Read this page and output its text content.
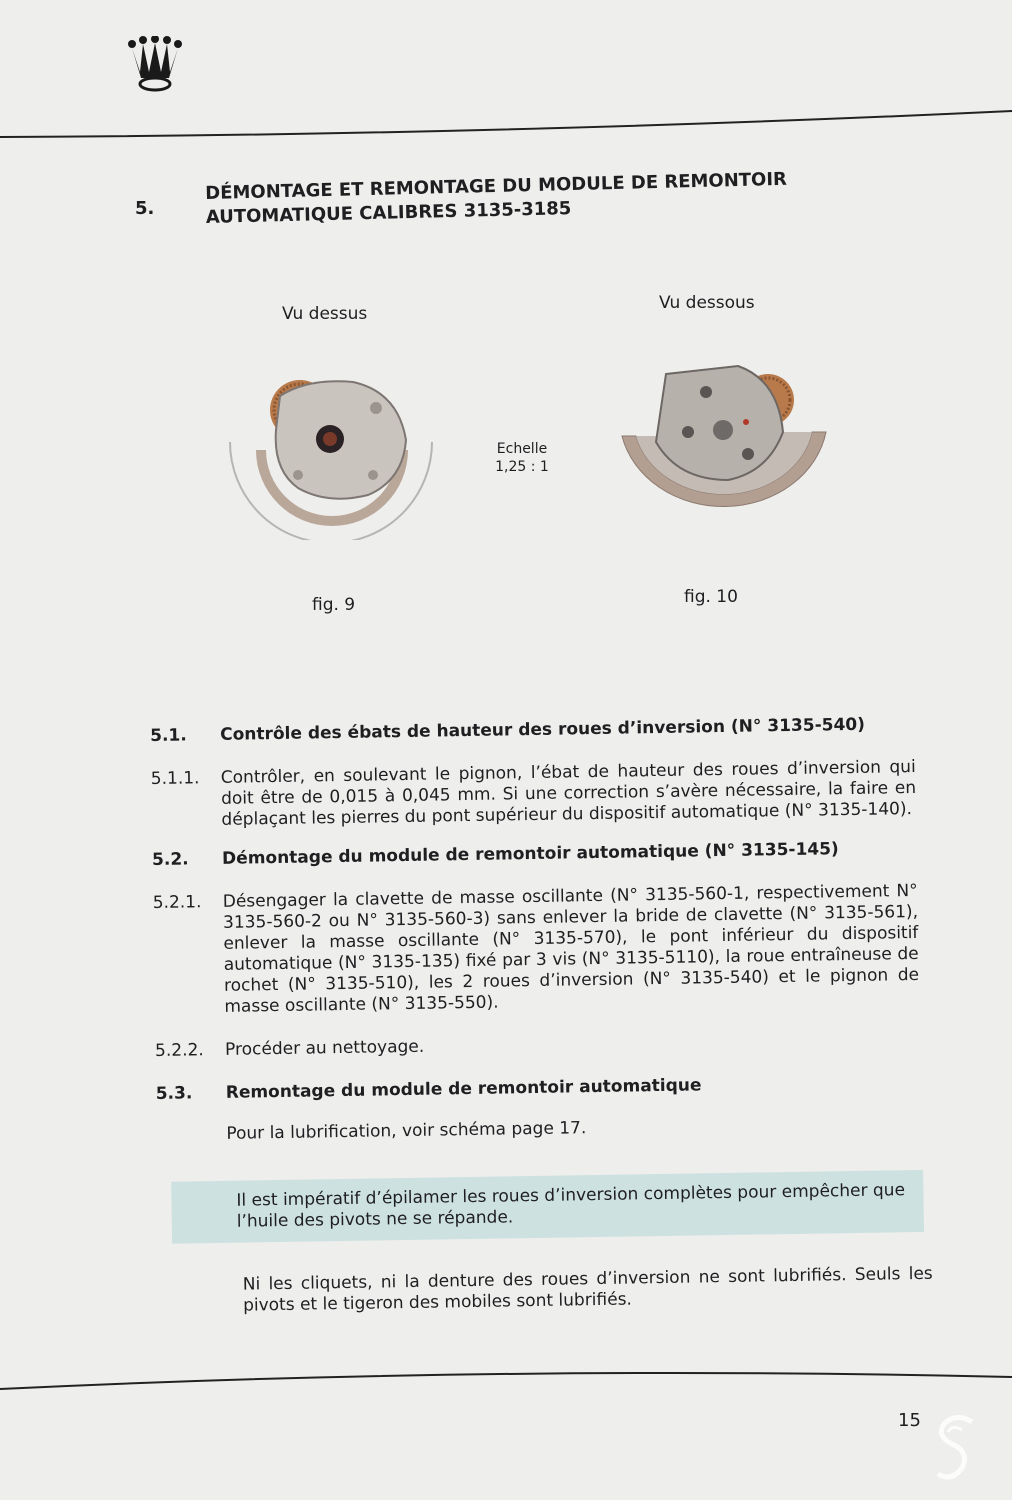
5.
DÉMONTAGE ET REMONTAGE DU MODULE DE REMONTOIR
AUTOMATIQUE CALIBRES 3135-3185
Vu dessus
Vu dessous
Echelle
1,25 : 1
fig. 9	fig. 10
5.1.	Contrôle des ébats de hauteur des roues d’inversion (N° 3135-540)
5.1.1.	Contrôler, en soulevant le pignon, l’ébat de hauteur des roues d’inversion qui doit être de 0,015 à 0,045 mm. Si une correction s’avère nécessaire, la faire en déplaçant les pierres du pont supérieur du dispositif automatique (N° 3135-140).
5.2.	Démontage du module de remontoir automatique (N° 3135-145)
5.2.1.	Désengager la clavette de masse oscillante (N° 3135-560-1, respectivement N° 3135-560-2 ou N° 3135-560-3) sans enlever la bride de clavette (N° 3135-561), enlever la masse oscillante (N° 3135-570), le pont inférieur du dispositif automatique (N° 3135-135) fixé par 3 vis (N° 3135-5110), la roue entraîneuse de rochet (N° 3135-510), les 2 roues d’inversion (N° 3135-540) et le pignon de masse oscillante (N° 3135-550).
5.2.2.	Procéder au nettoyage.
5.3.	Remontage du module de remontoir automatique
Pour la lubrification, voir schéma page 17.
Il est impératif d’épilamer les roues d’inversion complètes pour empêcher que l’huile des pivots ne se répande.
Ni les cliquets, ni la denture des roues d’inversion ne sont lubrifiés. Seuls les pivots et le tigeron des mobiles sont lubrifiés.
15
